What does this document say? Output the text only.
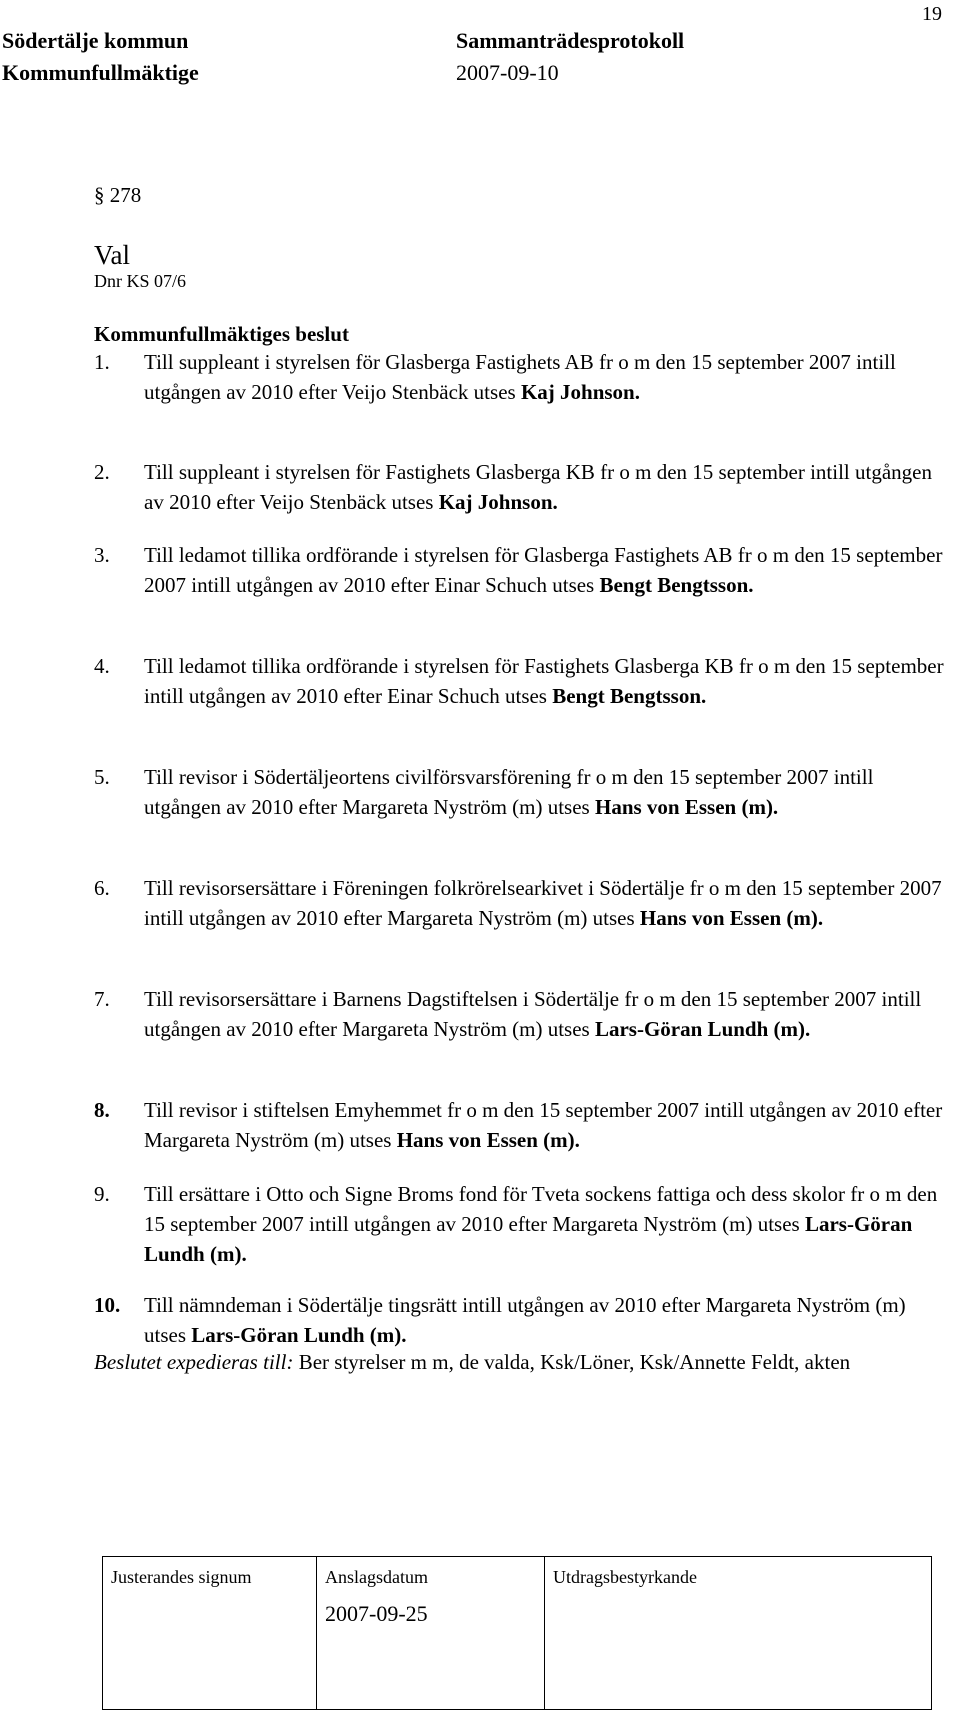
Södertälje kommun
Kommunfullmäktige
Sammanträdesprotokoll
2007-09-10
19
§ 278
Val
Dnr KS 07/6
Kommunfullmäktiges beslut
1. Till suppleant i styrelsen för Glasberga Fastighets AB fr o m den 15 september 2007 intill utgången av 2010 efter Veijo Stenbäck utses Kaj Johnson.
2. Till suppleant i styrelsen för Fastighets Glasberga KB fr o m den 15 september intill utgången av 2010 efter Veijo Stenbäck utses Kaj Johnson.
3. Till ledamot tillika ordförande i styrelsen för Glasberga Fastighets AB fr o m den 15 september 2007 intill utgången av 2010 efter Einar Schuch utses Bengt Bengtsson.
4. Till ledamot tillika ordförande i styrelsen för Fastighets Glasberga KB fr o m den 15 september intill utgången av 2010 efter Einar Schuch utses Bengt Bengtsson.
5. Till revisor i Södertäljeortens civilförsvarsförening fr o m den 15 september 2007 intill utgången av 2010 efter Margareta Nyström (m) utses Hans von Essen (m).
6. Till revisorsersättare i Föreningen folkrörelsearkivet i Södertälje fr o m den 15 september 2007 intill utgången av 2010 efter Margareta Nyström (m) utses Hans von Essen (m).
7. Till revisorsersättare i Barnens Dagstiftelsen i Södertälje fr o m den 15 september 2007 intill utgången av 2010 efter Margareta Nyström (m) utses Lars-Göran Lundh (m).
8. Till revisor i stiftelsen Emyhemmet fr o m den 15 september 2007 intill utgången av 2010 efter Margareta Nyström (m) utses Hans von Essen (m).
9. Till ersättare i Otto och Signe Broms fond för Tveta sockens fattiga och dess skolor fr o m den 15 september 2007 intill utgången av 2010 efter Margareta Nyström (m) utses Lars-Göran Lundh (m).
10. Till nämndeman i Södertälje tingsrätt intill utgången av 2010 efter Margareta Nyström (m) utses Lars-Göran Lundh (m).
Beslutet expedieras till: Ber styrelser m m, de valda, Ksk/Löner, Ksk/Annette Feldt, akten
Justerandes signum	Anslagsdatum
2007-09-25
Utdragsbestyrkande
